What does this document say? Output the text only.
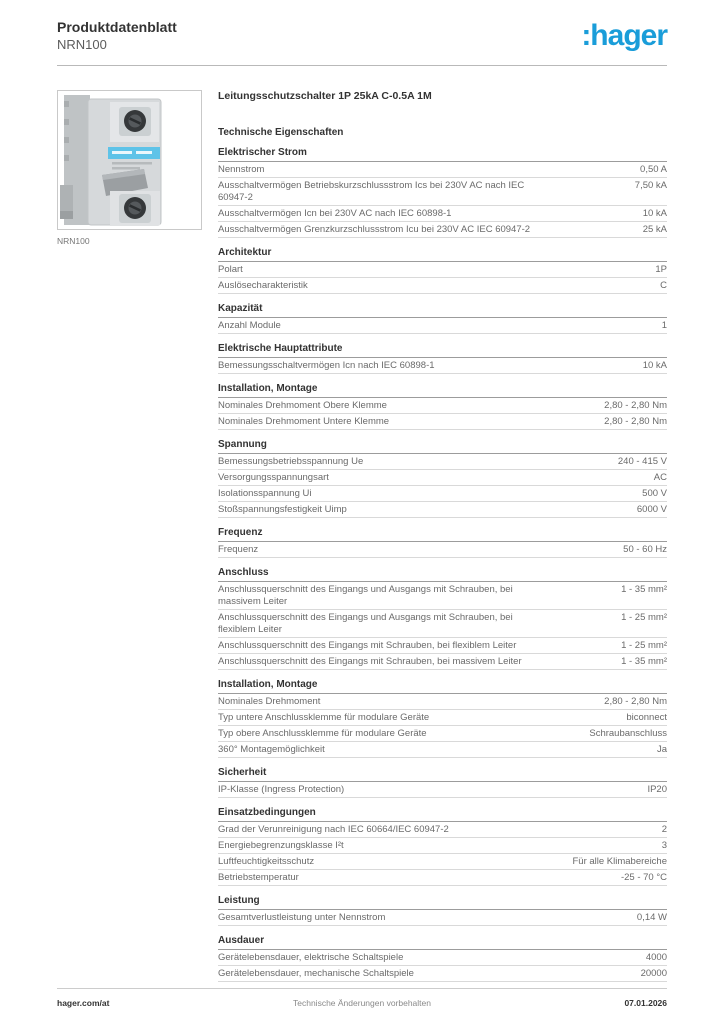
Produktdatenblatt
NRN100	:hager
NRN100
Leitungsschutzschalter 1P 25kA C-0.5A 1M
Technische Eigenschaften
Elektrischer Strom
Nennstrom	0,50 A
Ausschaltvermögen Betriebskurzschlussstrom Ics bei 230V AC nach IEC 60947-2
7,50 kA
Ausschaltvermögen Icn bei 230V AC nach IEC 60898-1	10 kA
Ausschaltvermögen Grenzkurzschlussstrom Icu bei 230V AC IEC 60947-2	25 kA
Architektur
Polart	1P
Auslösecharakteristik	C
Kapazität
Anzahl Module	1
Elektrische Hauptattribute
Bemessungsschaltvermögen Icn nach IEC 60898-1	10 kA
Installation, Montage
Nominales Drehmoment Obere Klemme	2,80 - 2,80 Nm
Nominales Drehmoment Untere Klemme	2,80 - 2,80 Nm
Spannung
Bemessungsbetriebsspannung Ue	240 - 415 V
Versorgungsspannungsart	AC
Isolationsspannung Ui	500 V
Stoßspannungsfestigkeit Uimp	6000 V
Frequenz
Frequenz	50 - 60 Hz
Anschluss
Anschlussquerschnitt des Eingangs und Ausgangs mit Schrauben, bei massivem Leiter
1 - 35 mm²
Anschlussquerschnitt des Eingangs und Ausgangs mit Schrauben, bei flexiblem Leiter
1 - 25 mm²
Anschlussquerschnitt des Eingangs mit Schrauben, bei flexiblem Leiter	1 - 25 mm²
Anschlussquerschnitt des Eingangs mit Schrauben, bei massivem Leiter	1 - 35 mm²
Installation, Montage
Nominales Drehmoment	2,80 - 2,80 Nm
Typ untere Anschlussklemme für modulare Geräte	biconnect
Typ obere Anschlussklemme für modulare Geräte	Schraubanschluss
360° Montagemöglichkeit	Ja
Sicherheit
IP-Klasse (Ingress Protection)	IP20
Einsatzbedingungen
Grad der Verunreinigung nach IEC 60664/IEC 60947-2	2
Energiebegrenzungsklasse I²t	3
Luftfeuchtigkeitsschutz	Für alle Klimabereiche
Betriebstemperatur	-25 - 70 °C
Leistung
Gesamtverlustleistung unter Nennstrom	0,14 W
Ausdauer
Gerätelebensdauer, elektrische Schaltspiele	4000
Gerätelebensdauer, mechanische Schaltspiele	20000
hager.com/at	Technische Änderungen vorbehalten	07.01.2026
